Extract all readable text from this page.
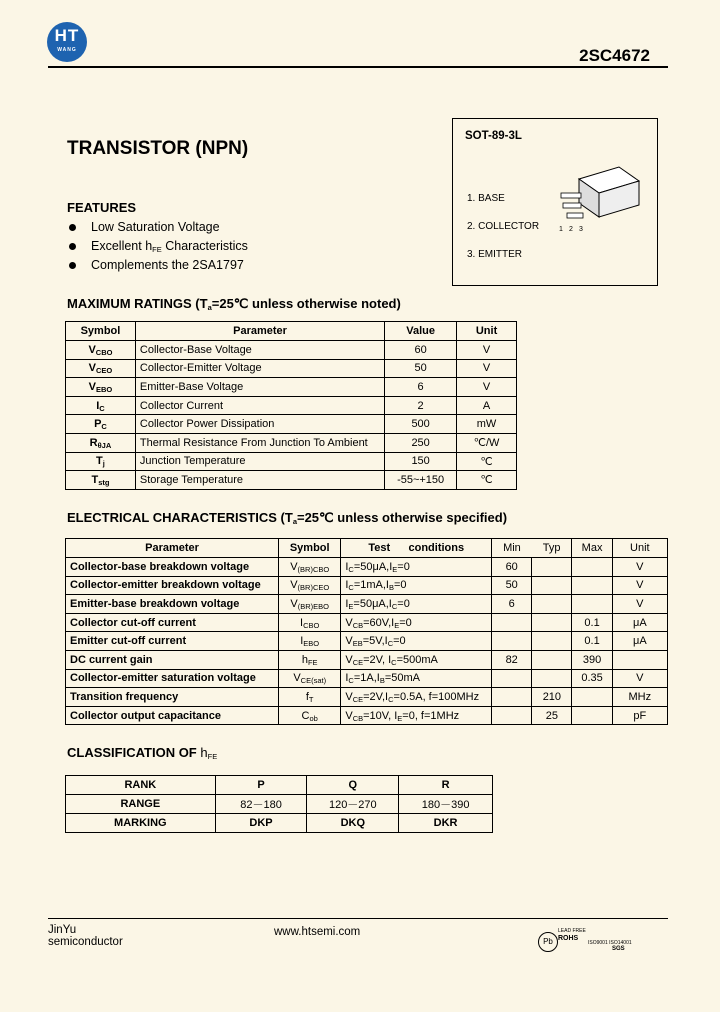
HT
WANG	2SC4672
TRANSISTOR (NPN)
FEATURES
Low Saturation Voltage
Excellent $h_{FE}$ Characteristics
Complements the 2SA1797
SOT-89-3L
1. BASE
2. COLLECTOR
3. EMITTER
1 2 3
MAXIMUM RATINGS ($T_a=25℃$ unless otherwise noted)
Symbol	Parameter	Value	Unit
$V_{CBO}$	Collector-Base Voltage	60	V
$V_{CEO}$	Collector-Emitter Voltage	50	V
$V_{EBO}$	Emitter-Base Voltage	6	V
$I_C$	Collector Current	2	A
$P_C$	Collector Power Dissipation	500	mW
$R_{\theta JA}$	Thermal Resistance From Junction To Ambient	250	℃/W
$T_j$	Junction Temperature	150	℃
$T_{stg}$	Storage Temperature	-55~+150	℃
ELECTRICAL CHARACTERISTICS ($T_a=25℃$ unless otherwise specified)
Parameter	Symbol	Test conditions	Min	Typ	Max	Unit
Collector-base breakdown voltage	$V_{(BR)CBO}$	$I_C=50\mu A,I_E=0$	60			V
Collector-emitter breakdown voltage	$V_{(BR)CEO}$	$I_C=1mA,I_B=0$	50			V
Emitter-base breakdown voltage	$V_{(BR)EBO}$	$I_E=50\mu A,I_C=0$	6			V
Collector cut-off current	$I_{CBO}$	$V_{CB}=60V,I_E=0$			0.1	μA
Emitter cut-off current	$I_{EBO}$	$V_{EB}=5V,I_C=0$			0.1	μA
DC current gain	$h_{FE}$	$V_{CE}=2V$, $I_C=500mA$	82		390	
Collector-emitter saturation voltage	$V_{CE(sat)}$	$I_C=1A,I_B=50mA$			0.35	V
Transition frequency	$f_T$	$V_{CE}=2V,I_C=0.5A$, f=100MHz		210		MHz
Collector output capacitance	$C_{ob}$	$V_{CB}=10V$, $I_E=0$, f=1MHz		25		pF
CLASSIFICATION OF $h_{FE}$
RANK	P	Q	R
RANGE	82－180	120－270	180－390
MARKING	DKP	DKQ	DKR
JinYu
semiconductor
www.htsemi.com
Pb
LEAD FREE
ROHS
ISO9001 ISO14001
SGS
